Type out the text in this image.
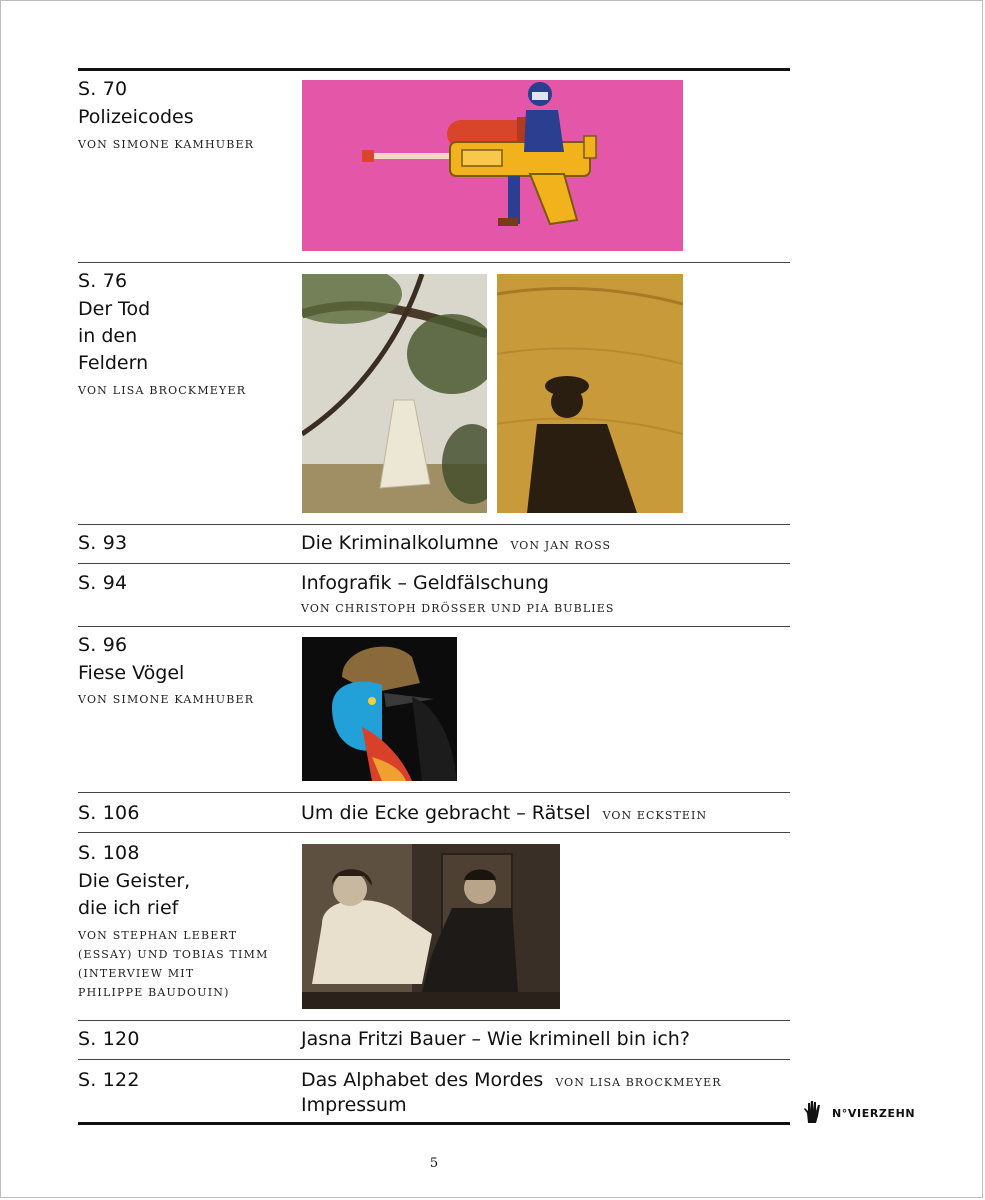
S. 70
Polizeicodes
VON SIMONE KAMHUBER
S. 76
Der Tod
in den
Feldern
VON LISA BROCKMEYER
S. 93	Die Kriminalkolumne VON JAN ROSS
S. 94	Infografik – Geldfälschung
VON CHRISTOPH DRÖSSER UND PIA BUBLIES
S. 96
Fiese Vögel
VON SIMONE KAMHUBER
S. 106	Um die Ecke gebracht – Rätsel VON ECKSTEIN
S. 108
Die Geister,
die ich rief
VON STEPHAN LEBERT
(ESSAY) UND TOBIAS TIMM
(INTERVIEW MIT
PHILIPPE BAUDOUIN)
S. 120	Jasna Fritzi Bauer – Wie kriminell bin ich?
S. 122	Das Alphabet des Mordes VON LISA BROCKMEYER
Impressum	N°VIERZEHN
5
